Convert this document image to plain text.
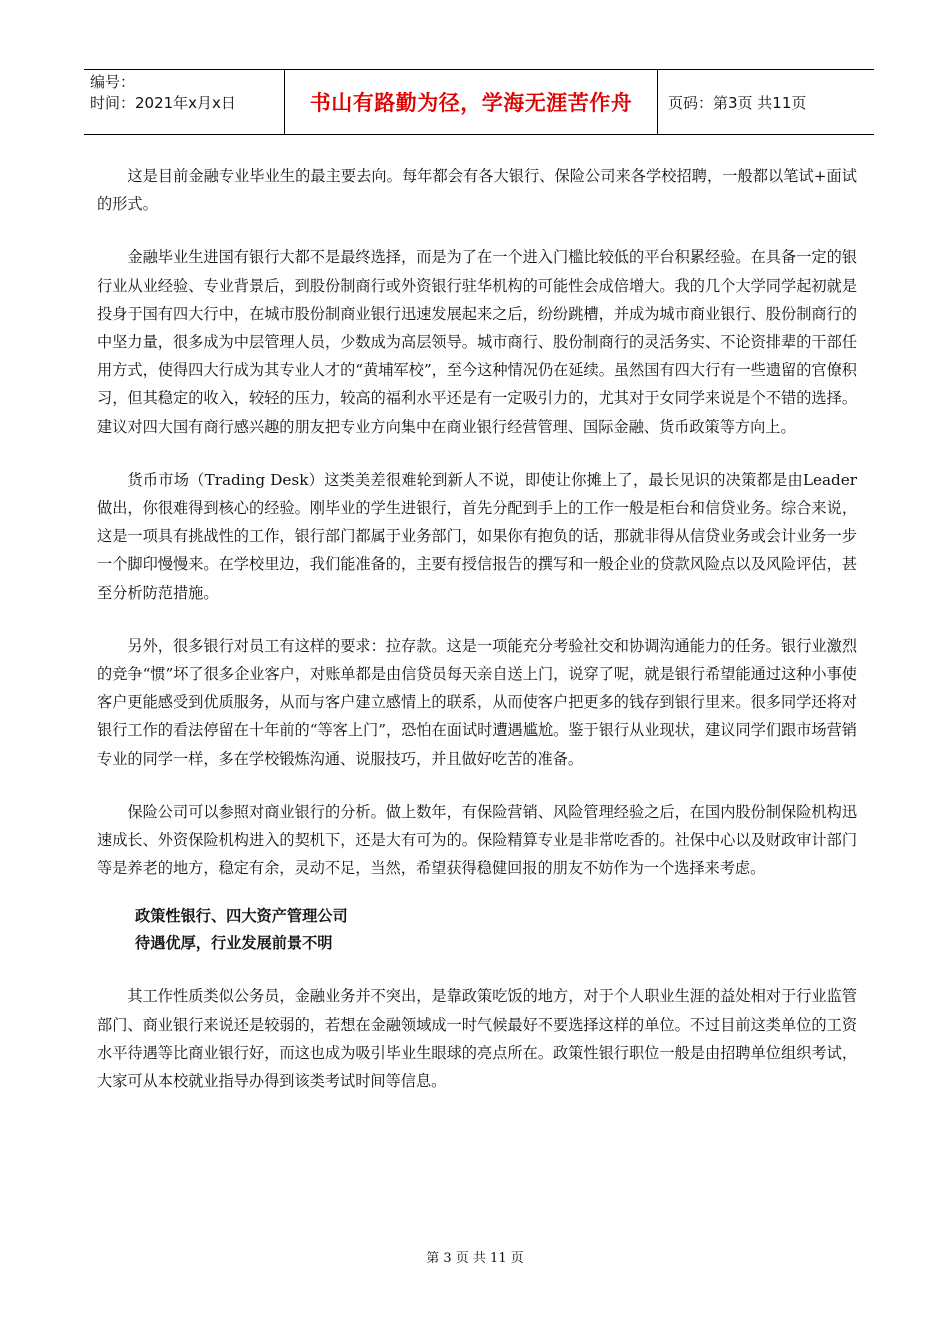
编号：
时间：2021年x月x日	书山有路勤为径，学海无涯苦作舟	页码：第3页 共11页

这是目前金融专业毕业生的最主要去向。每年都会有各大银行、保险公司来各学校招聘，一般都以笔试+面试的形式。

金融毕业生进国有银行大都不是最终选择，而是为了在一个进入门槛比较低的平台积累经验。在具备一定的银行业从业经验、专业背景后，到股份制商行或外资银行驻华机构的可能性会成倍增大。我的几个大学同学起初就是投身于国有四大行中，在城市股份制商业银行迅速发展起来之后，纷纷跳槽，并成为城市商业银行、股份制商行的中坚力量，很多成为中层管理人员，少数成为高层领导。城市商行、股份制商行的灵活务实、不论资排辈的干部任用方式，使得四大行成为其专业人才的“黄埔军校”，至今这种情况仍在延续。虽然国有四大行有一些遗留的官僚积习，但其稳定的收入，较轻的压力，较高的福利水平还是有一定吸引力的，尤其对于女同学来说是个不错的选择。建议对四大国有商行感兴趣的朋友把专业方向集中在商业银行经营管理、国际金融、货币政策等方向上。

货币市场（Trading Desk）这类美差很难轮到新人不说，即使让你摊上了，最长见识的决策都是由Leader做出，你很难得到核心的经验。刚毕业的学生进银行，首先分配到手上的工作一般是柜台和信贷业务。综合来说，这是一项具有挑战性的工作，银行部门都属于业务部门，如果你有抱负的话，那就非得从信贷业务或会计业务一步一个脚印慢慢来。在学校里边，我们能准备的，主要有授信报告的撰写和一般企业的贷款风险点以及风险评估，甚至分析防范措施。

另外，很多银行对员工有这样的要求：拉存款。这是一项能充分考验社交和协调沟通能力的任务。银行业激烈的竞争“惯”坏了很多企业客户，对账单都是由信贷员每天亲自送上门，说穿了呢，就是银行希望能通过这种小事使客户更能感受到优质服务，从而与客户建立感情上的联系，从而使客户把更多的钱存到银行里来。很多同学还将对银行工作的看法停留在十年前的“等客上门”，恐怕在面试时遭遇尴尬。鉴于银行从业现状，建议同学们跟市场营销专业的同学一样，多在学校锻炼沟通、说服技巧，并且做好吃苦的准备。

保险公司可以参照对商业银行的分析。做上数年，有保险营销、风险管理经验之后，在国内股份制保险机构迅速成长、外资保险机构进入的契机下，还是大有可为的。保险精算专业是非常吃香的。社保中心以及财政审计部门等是养老的地方，稳定有余，灵动不足，当然，希望获得稳健回报的朋友不妨作为一个选择来考虑。

政策性银行、四大资产管理公司

待遇优厚，行业发展前景不明

其工作性质类似公务员，金融业务并不突出，是靠政策吃饭的地方，对于个人职业生涯的益处相对于行业监管部门、商业银行来说还是较弱的，若想在金融领域成一时气候最好不要选择这样的单位。不过目前这类单位的工资水平待遇等比商业银行好，而这也成为吸引毕业生眼球的亮点所在。政策性银行职位一般是由招聘单位组织考试，大家可从本校就业指导办得到该类考试时间等信息。

第 3 页 共 11 页
